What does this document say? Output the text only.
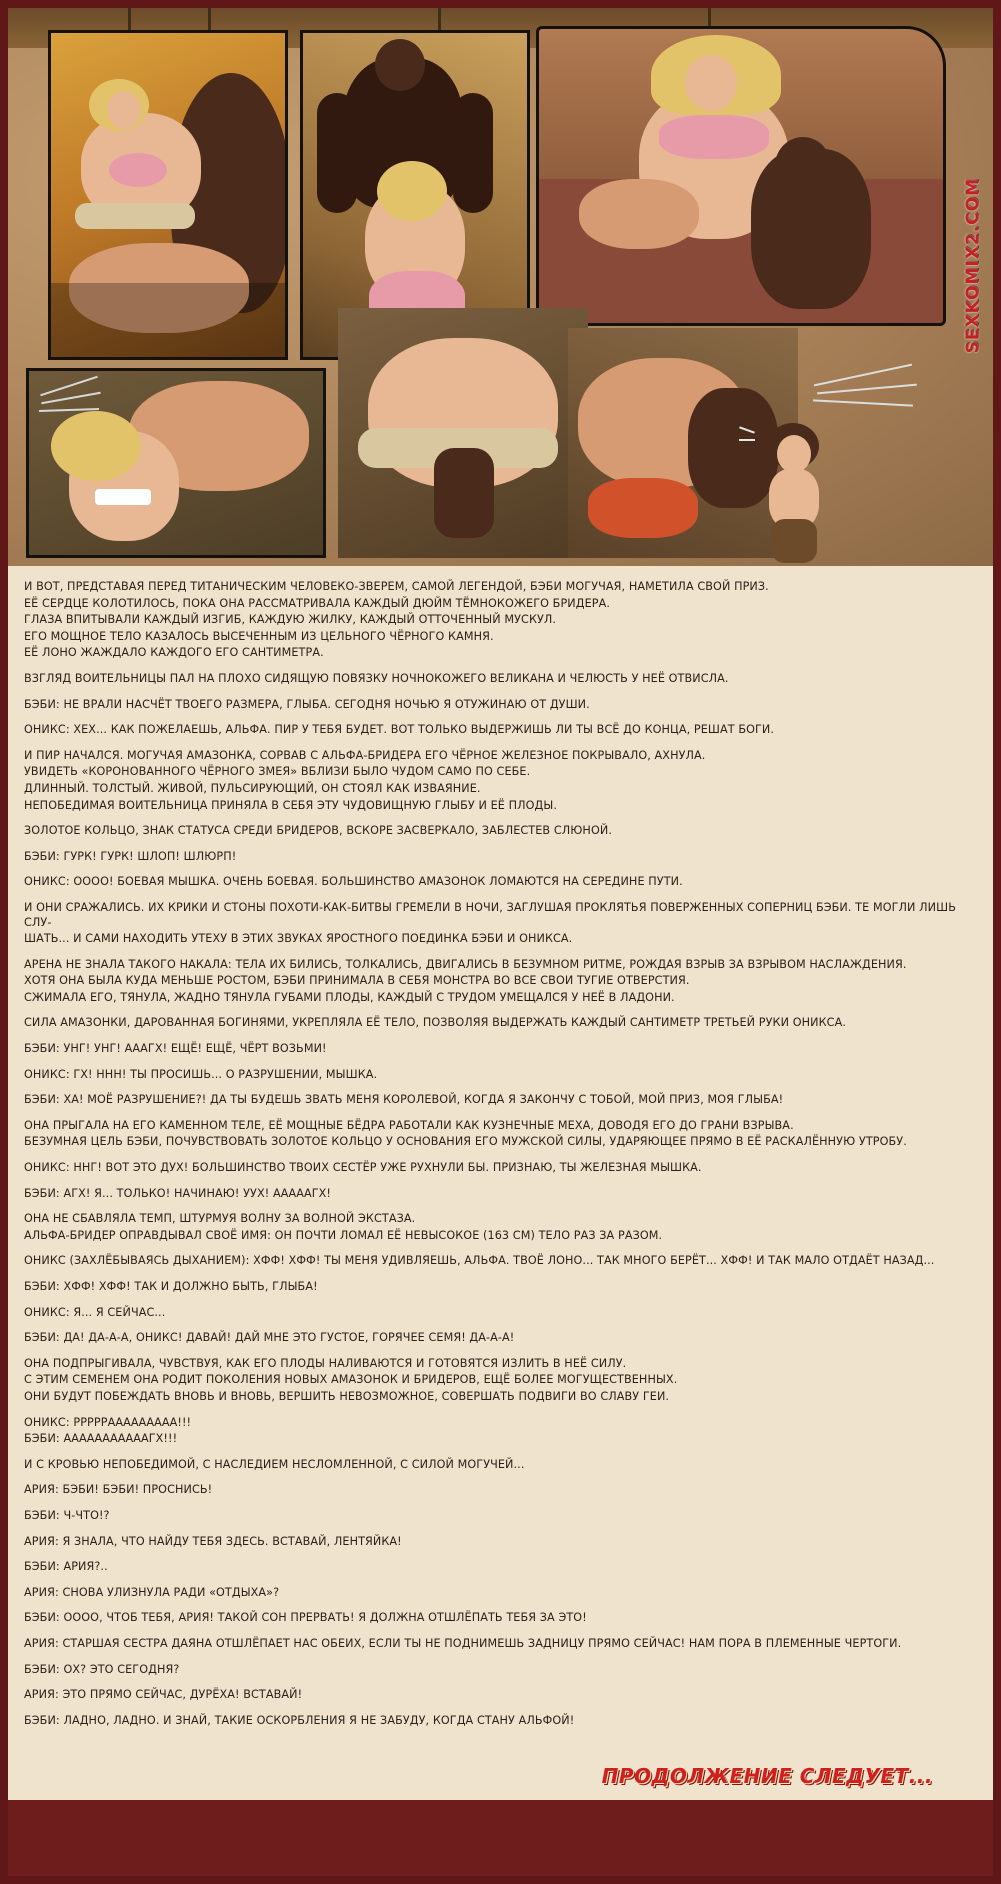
SEXKOMIX2.COM

И ВОТ, ПРЕДСТАВАЯ ПЕРЕД ТИТАНИЧЕСКИМ ЧЕЛОВЕКО-ЗВЕРЕМ, САМОЙ ЛЕГЕНДОЙ, БЭБИ МОГУЧАЯ, НАМЕТИЛА СВОЙ ПРИЗ.

ЕЁ СЕРДЦЕ КОЛОТИЛОСЬ, ПОКА ОНА РАССМАТРИВАЛА КАЖДЫЙ ДЮЙМ ТЁМНОКОЖЕГО БРИДЕРА.

ГЛАЗА ВПИТЫВАЛИ КАЖДЫЙ ИЗГИБ, КАЖДУЮ ЖИЛКУ, КАЖДЫЙ ОТТОЧЕННЫЙ МУСКУЛ.

ЕГО МОЩНОЕ ТЕЛО КАЗАЛОСЬ ВЫСЕЧЕННЫМ ИЗ ЦЕЛЬНОГО ЧЁРНОГО КАМНЯ.

ЕЁ ЛОНО ЖАЖДАЛО КАЖДОГО ЕГО САНТИМЕТРА.

ВЗГЛЯД ВОИТЕЛЬНИЦЫ ПАЛ НА ПЛОХО СИДЯЩУЮ ПОВЯЗКУ НОЧНОКОЖЕГО ВЕЛИКАНА И ЧЕЛЮСТЬ У НЕЁ ОТВИСЛА.

БЭБИ: НЕ ВРАЛИ НАСЧЁТ ТВОЕГО РАЗМЕРА, ГЛЫБА. СЕГОДНЯ НОЧЬЮ Я ОТУЖИНАЮ ОТ ДУШИ.

ОНИКС: ХЕХ... КАК ПОЖЕЛАЕШЬ, АЛЬФА. ПИР У ТЕБЯ БУДЕТ. ВОТ ТОЛЬКО ВЫДЕРЖИШЬ ЛИ ТЫ ВСЁ ДО КОНЦА, РЕШАТ БОГИ.

И ПИР НАЧАЛСЯ. МОГУЧАЯ АМАЗОНКА, СОРВАВ С АЛЬФА-БРИДЕРА ЕГО ЧЁРНОЕ ЖЕЛЕЗНОЕ ПОКРЫВАЛО, АХНУЛА.

УВИДЕТЬ «КОРОНОВАННОГО ЧЁРНОГО ЗМЕЯ» ВБЛИЗИ БЫЛО ЧУДОМ САМО ПО СЕБЕ.

ДЛИННЫЙ. ТОЛСТЫЙ. ЖИВОЙ, ПУЛЬСИРУЮЩИЙ, ОН СТОЯЛ КАК ИЗВАЯНИЕ.

НЕПОБЕДИМАЯ ВОИТЕЛЬНИЦА ПРИНЯЛА В СЕБЯ ЭТУ ЧУДОВИЩНУЮ ГЛЫБУ И ЕЁ ПЛОДЫ.

ЗОЛОТОЕ КОЛЬЦО, ЗНАК СТАТУСА СРЕДИ БРИДЕРОВ, ВСКОРЕ ЗАСВЕРКАЛО, ЗАБЛЕСТЕВ СЛЮНОЙ.

БЭБИ: ГУРК! ГУРК! ШЛОП! ШЛЮРП!

ОНИКС: ОООО! БОЕВАЯ МЫШКА. ОЧЕНЬ БОЕВАЯ. БОЛЬШИНСТВО АМАЗОНОК ЛОМАЮТСЯ НА СЕРЕДИНЕ ПУТИ.

И ОНИ СРАЖАЛИСЬ. ИХ КРИКИ И СТОНЫ ПОХОТИ-КАК-БИТВЫ ГРЕМЕЛИ В НОЧИ, ЗАГЛУШАЯ ПРОКЛЯТЬЯ ПОВЕРЖЕННЫХ СОПЕРНИЦ БЭБИ. ТЕ МОГЛИ ЛИШЬ СЛУ-

ШАТЬ... И САМИ НАХОДИТЬ УТЕХУ В ЭТИХ ЗВУКАХ ЯРОСТНОГО ПОЕДИНКА БЭБИ И ОНИКСА.

АРЕНА НЕ ЗНАЛА ТАКОГО НАКАЛА: ТЕЛА ИХ БИЛИСЬ, ТОЛКАЛИСЬ, ДВИГАЛИСЬ В БЕЗУМНОМ РИТМЕ, РОЖДАЯ ВЗРЫВ ЗА ВЗРЫВОМ НАСЛАЖДЕНИЯ.

ХОТЯ ОНА БЫЛА КУДА МЕНЬШЕ РОСТОМ, БЭБИ ПРИНИМАЛА В СЕБЯ МОНСТРА ВО ВСЕ СВОИ ТУГИЕ ОТВЕРСТИЯ.

СЖИМАЛА ЕГО, ТЯНУЛА, ЖАДНО ТЯНУЛА ГУБАМИ ПЛОДЫ, КАЖДЫЙ С ТРУДОМ УМЕЩАЛСЯ У НЕЁ В ЛАДОНИ.

СИЛА АМАЗОНКИ, ДАРОВАННАЯ БОГИНЯМИ, УКРЕПЛЯЛА ЕЁ ТЕЛО, ПОЗВОЛЯЯ ВЫДЕРЖАТЬ КАЖДЫЙ САНТИМЕТР ТРЕТЬЕЙ РУКИ ОНИКСА.

БЭБИ: УНГ! УНГ! АААГХ! ЕЩЁ! ЕЩЁ, ЧЁРТ ВОЗЬМИ!

ОНИКС: ГХ! ННН! ТЫ ПРОСИШЬ... О РАЗРУШЕНИИ, МЫШКА.

БЭБИ: ХА! МОЁ РАЗРУШЕНИЕ?! ДА ТЫ БУДЕШЬ ЗВАТЬ МЕНЯ КОРОЛЕВОЙ, КОГДА Я ЗАКОНЧУ С ТОБОЙ, МОЙ ПРИЗ, МОЯ ГЛЫБА!

ОНА ПРЫГАЛА НА ЕГО КАМЕННОМ ТЕЛЕ, ЕЁ МОЩНЫЕ БЁДРА РАБОТАЛИ КАК КУЗНЕЧНЫЕ МЕХА, ДОВОДЯ ЕГО ДО ГРАНИ ВЗРЫВА.

БЕЗУМНАЯ ЦЕЛЬ БЭБИ, ПОЧУВСТВОВАТЬ ЗОЛОТОЕ КОЛЬЦО У ОСНОВАНИЯ ЕГО МУЖСКОЙ СИЛЫ, УДАРЯЮЩЕЕ ПРЯМО В ЕЁ РАСКАЛЁННУЮ УТРОБУ.

ОНИКС: ННГ! ВОТ ЭТО ДУХ! БОЛЬШИНСТВО ТВОИХ СЕСТЁР УЖЕ РУХНУЛИ БЫ. ПРИЗНАЮ, ТЫ ЖЕЛЕЗНАЯ МЫШКА.

БЭБИ: АГХ! Я... ТОЛЬКО! НАЧИНАЮ! УУХ! АААААГХ!

ОНА НЕ СБАВЛЯЛА ТЕМП, ШТУРМУЯ ВОЛНУ ЗА ВОЛНОЙ ЭКСТАЗА.

АЛЬФА-БРИДЕР ОПРАВДЫВАЛ СВОЁ ИМЯ: ОН ПОЧТИ ЛОМАЛ ЕЁ НЕВЫСОКОЕ (163 СМ) ТЕЛО РАЗ ЗА РАЗОМ.

ОНИКС (ЗАХЛЁБЫВАЯСЬ ДЫХАНИЕМ): ХФФ! ХФФ! ТЫ МЕНЯ УДИВЛЯЕШЬ, АЛЬФА. ТВОЁ ЛОНО... ТАК МНОГО БЕРЁТ... ХФФ! И ТАК МАЛО ОТДАЁТ НАЗАД...

БЭБИ: ХФФ! ХФФ! ТАК И ДОЛЖНО БЫТЬ, ГЛЫБА!

ОНИКС: Я... Я СЕЙЧАС...

БЭБИ: ДА! ДА-А-А, ОНИКС! ДАВАЙ! ДАЙ МНЕ ЭТО ГУСТОЕ, ГОРЯЧЕЕ СЕМЯ! ДА-А-А!

ОНА ПОДПРЫГИВАЛА, ЧУВСТВУЯ, КАК ЕГО ПЛОДЫ НАЛИВАЮТСЯ И ГОТОВЯТСЯ ИЗЛИТЬ В НЕЁ СИЛУ.

С ЭТИМ СЕМЕНЕМ ОНА РОДИТ ПОКОЛЕНИЯ НОВЫХ АМАЗОНОК И БРИДЕРОВ, ЕЩЁ БОЛЕЕ МОГУЩЕСТВЕННЫХ.

ОНИ БУДУТ ПОБЕЖДАТЬ ВНОВЬ И ВНОВЬ, ВЕРШИТЬ НЕВОЗМОЖНОЕ, СОВЕРШАТЬ ПОДВИГИ ВО СЛАВУ ГЕИ.

ОНИКС: РРРРРААААААААА!!!

БЭБИ: АААААААААААГХ!!!

И С КРОВЬЮ НЕПОБЕДИМОЙ, С НАСЛЕДИЕМ НЕСЛОМЛЕННОЙ, С СИЛОЙ МОГУЧЕЙ...

АРИЯ: БЭБИ! БЭБИ! ПРОСНИСЬ!

БЭБИ: Ч-ЧТО!?

АРИЯ: Я ЗНАЛА, ЧТО НАЙДУ ТЕБЯ ЗДЕСЬ. ВСТАВАЙ, ЛЕНТЯЙКА!

БЭБИ: АРИЯ?..

АРИЯ: СНОВА УЛИЗНУЛА РАДИ «ОТДЫХА»?

БЭБИ: ОООО, ЧТОБ ТЕБЯ, АРИЯ! ТАКОЙ СОН ПРЕРВАТЬ! Я ДОЛЖНА ОТШЛЁПАТЬ ТЕБЯ ЗА ЭТО!

АРИЯ: СТАРШАЯ СЕСТРА ДАЯНА ОТШЛЁПАЕТ НАС ОБЕИХ, ЕСЛИ ТЫ НЕ ПОДНИМЕШЬ ЗАДНИЦУ ПРЯМО СЕЙЧАС! НАМ ПОРА В ПЛЕМЕННЫЕ ЧЕРТОГИ.

БЭБИ: ОХ? ЭТО СЕГОДНЯ?

АРИЯ: ЭТО ПРЯМО СЕЙЧАС, ДУРЁХА! ВСТАВАЙ!

БЭБИ: ЛАДНО, ЛАДНО. И ЗНАЙ, ТАКИЕ ОСКОРБЛЕНИЯ Я НЕ ЗАБУДУ, КОГДА СТАНУ АЛЬФОЙ!

ПРОДОЛЖЕНИЕ СЛЕДУЕТ...
